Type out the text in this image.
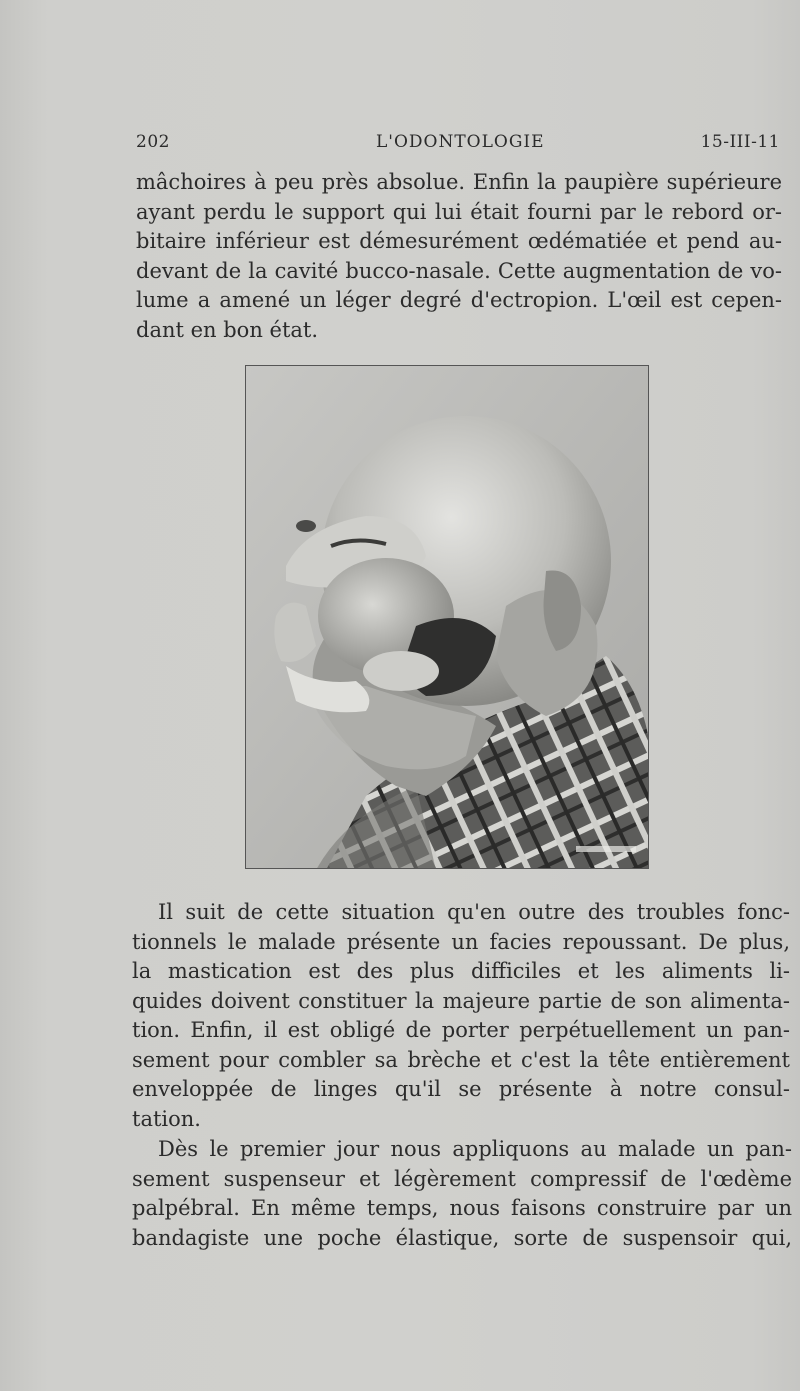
202	L'ODONTOLOGIE	15-III-11
mâchoires à peu près absolue. Enfin la paupière supérieure
ayant perdu le support qui lui était fourni par le rebord or-
bitaire inférieur est démesurément œdématiée et pend au-
devant de la cavité bucco-nasale. Cette augmentation de vo-
lume a amené un léger degré d'ectropion. L'œil est cepen-
dant en bon état.
Il suit de cette situation qu'en outre des troubles fonc-
tionnels le malade présente un facies repoussant. De plus,
la mastication est des plus difficiles et les aliments li-
quides doivent constituer la majeure partie de son alimenta-
tion. Enfin, il est obligé de porter perpétuellement un pan-
sement pour combler sa brèche et c'est la tête entièrement
enveloppée de linges qu'il se présente à notre consul-
tation.
Dès le premier jour nous appliquons au malade un pan-
sement suspenseur et légèrement compressif de l'œdème
palpébral. En même temps, nous faisons construire par un
bandagiste une poche élastique, sorte de suspensoir qui,
